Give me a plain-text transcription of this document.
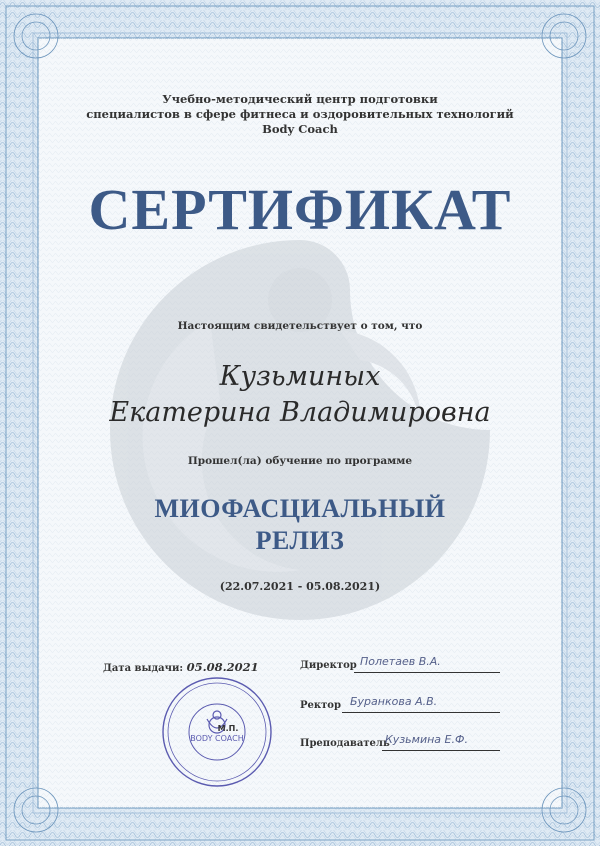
Учебно-методический центр подготовки
специалистов в сфере фитнеса и оздоровительных технологий
Body Coach
СЕРТИФИКАТ
Настоящим свидетельствует о том, что
Кузьминых
Екатерина Владимировна
Прошел(ла) обучение по программе
МИОФАСЦИАЛЬНЫЙ
РЕЛИЗ
(22.07.2021 - 05.08.2021)
Дата выдачи: 05.08.2021
BODY COACH
М.П.
Директор Полетаев В.А.
Ректор Буранкова А.В.
Преподаватель
Кузьмина Е.Ф.
